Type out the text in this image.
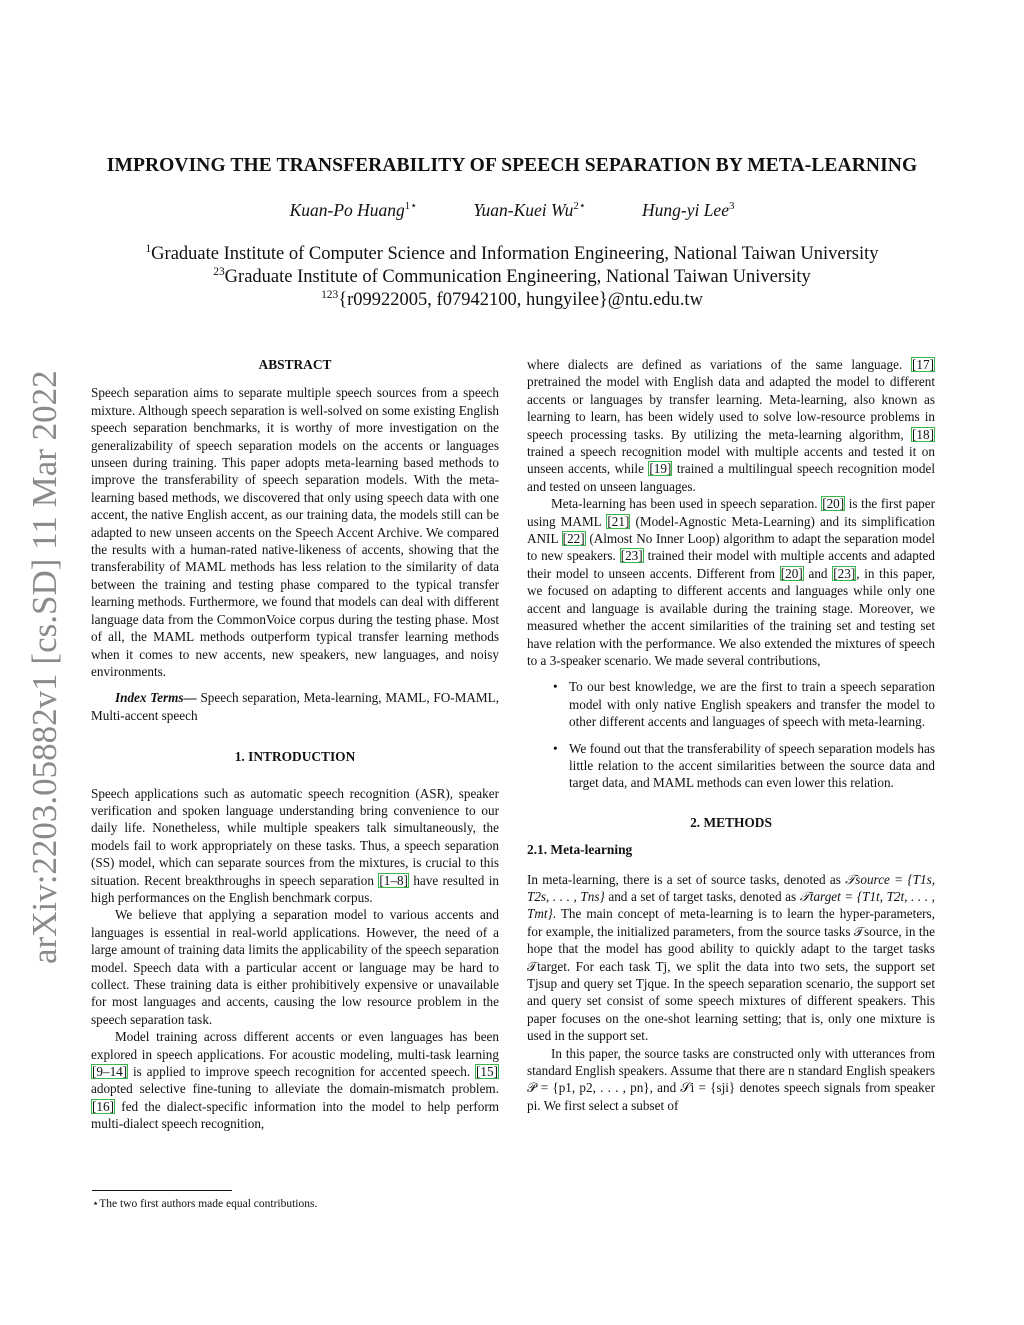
arXiv:2203.05882v1 [cs.SD] 11 Mar 2022
IMPROVING THE TRANSFERABILITY OF SPEECH SEPARATION BY META-LEARNING
Kuan-Po Huang$^{1⋆}$	Yuan-Kuei $Wu^{2⋆}$	Hung-yi Lee$^3$
$^1$Graduate Institute of Computer Science and Information Engineering, National Taiwan University
$^{23}$Graduate Institute of Communication Engineering, National Taiwan University
$^{123}${r09922005, f07942100, hungyilee}@ntu.edu.tw
ABSTRACT

Speech separation aims to separate multiple speech sources from a speech mixture. Although speech separation is well-solved on some existing English speech separation benchmarks, it is worthy of more investigation on the generalizability of speech separation models on the accents or languages unseen during training. This paper adopts meta-learning based methods to improve the transferability of speech separation models. With the meta-learning based methods, we discovered that only using speech data with one accent, the native English accent, as our training data, the models still can be adapted to new unseen accents on the Speech Accent Archive. We compared the results with a human-rated native-likeness of accents, showing that the transferability of MAML methods has less relation to the similarity of data between the training and testing phase compared to the typical transfer learning methods. Furthermore, we found that models can deal with different language data from the CommonVoice corpus during the testing phase. Most of all, the MAML methods outperform typical transfer learning methods when it comes to new accents, new speakers, new languages, and noisy environments.

Index Terms— Speech separation, Meta-learning, MAML, FO-MAML, Multi-accent speech

1. INTRODUCTION

Speech applications such as automatic speech recognition (ASR), speaker verification and spoken language understanding bring convenience to our daily life. Nonetheless, while multiple speakers talk simultaneously, the models fail to work appropriately on these tasks. Thus, a speech separation (SS) model, which can separate sources from the mixtures, is crucial to this situation. Recent breakthroughs in speech separation [1–8] have resulted in high performances on the English benchmark corpus.

We believe that applying a separation model to various accents and languages is essential in real-world applications. However, the need of a large amount of training data limits the applicability of the speech separation model. Speech data with a particular accent or language may be hard to collect. These training data is either prohibitively expensive or unavailable for most languages and accents, causing the low resource problem in the speech separation task.

Model training across different accents or even languages has been explored in speech applications. For acoustic modeling, multi-task learning [9–14] is applied to improve speech recognition for accented speech. [15] adopted selective fine-tuning to alleviate the domain-mismatch problem. [16] fed the dialect-specific information into the model to help perform multi-dialect speech recognition,

where dialects are defined as variations of the same language. [17] pretrained the model with English data and adapted the model to different accents or languages by transfer learning. Meta-learning, also known as learning to learn, has been widely used to solve low-resource problems in speech processing tasks. By utilizing the meta-learning algorithm, [18] trained a speech recognition model with multiple accents and tested it on unseen accents, while [19] trained a multilingual speech recognition model and tested on unseen languages.

Meta-learning has been used in speech separation. [20] is the first paper using MAML [21] (Model-Agnostic Meta-Learning) and its simplification ANIL [22] (Almost No Inner Loop) algorithm to adapt the separation model to new speakers. [23] trained their model with multiple accents and adapted their model to unseen accents. Different from [20] and [23], in this paper, we focused on adapting to different accents and languages while only one accent and language is available during the training stage. Moreover, we measured whether the accent similarities of the training set and testing set have relation with the performance. We also extended the mixtures of speech to a 3-speaker scenario. We made several contributions,

• To our best knowledge, we are the first to train a speech separation model with only native English speakers and transfer the model to other different accents and languages of speech with meta-learning.
• We found out that the transferability of speech separation models has little relation to the accent similarities between the source data and target data, and MAML methods can even lower this relation.
2. METHODS
2.1. Meta-learning

In meta-learning, there is a set of source tasks, denoted as 𝒯source = {T1s, T2s, . . . , Tns} and a set of target tasks, denoted as 𝒯target = {T1t, T2t, . . . , Tmt}. The main concept of meta-learning is to learn the hyper-parameters, for example, the initialized parameters, from the source tasks 𝒯source, in the hope that the model has good ability to quickly adapt to the target tasks 𝒯target. For each task Tj, we split the data into two sets, the support set Tjsup and query set Tjque. In the speech separation scenario, the support set and query set consist of some speech mixtures of different speakers. This paper focuses on the one-shot learning setting; that is, only one mixture is used in the support set.

In this paper, the source tasks are constructed only with utterances from standard English speakers. Assume that there are n standard English speakers 𝒫 = {p1, p2, . . . , pn}, and 𝒮i = {sji} denotes speech signals from speaker pi. We first select a subset of

⋆The two first authors made equal contributions.
